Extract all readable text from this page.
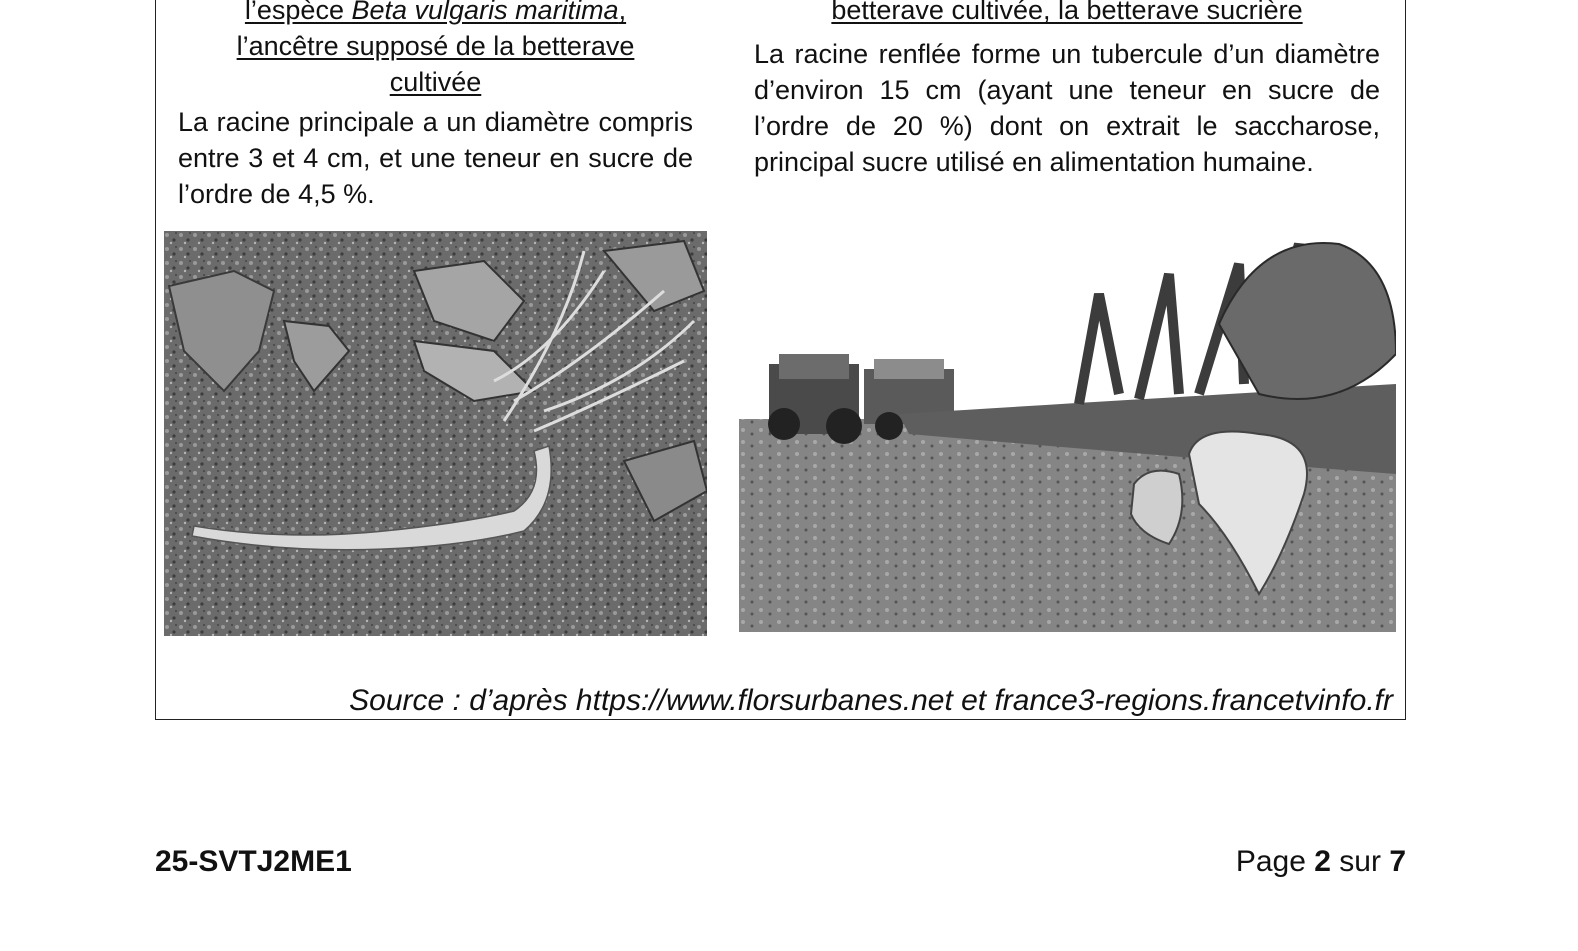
l’espèce Beta vulgaris maritima,
l’ancêtre supposé de la betterave
cultivée
La racine principale a un diamètre compris entre 3 et 4 cm, et une teneur en sucre de l’ordre de 4,5 %.
betterave cultivée, la betterave sucrière
La racine renflée forme un tubercule d’un diamètre d’environ 15 cm (ayant une teneur en sucre de l’ordre de 20 %) dont on extrait le saccharose, principal sucre utilisé en alimentation humaine.
Source : d’après https://www.florsurbanes.net et france3-regions.francetvinfo.fr
25-SVTJ2ME1	Page 2 sur 7
